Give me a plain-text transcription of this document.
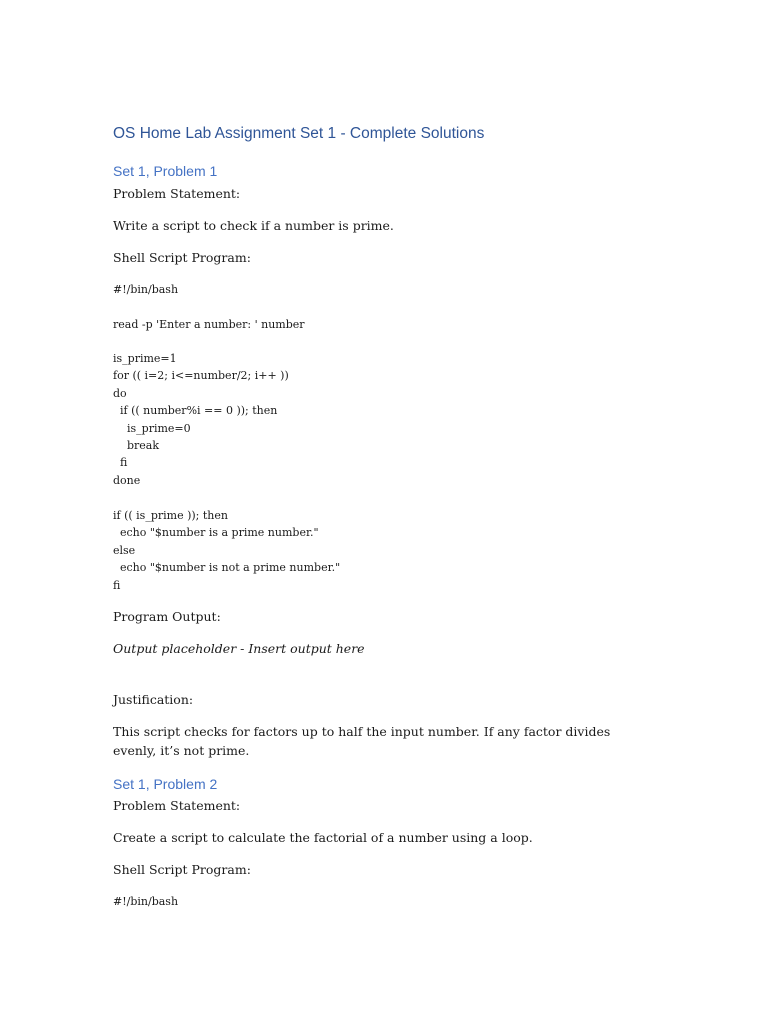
OS Home Lab Assignment Set 1 - Complete Solutions
Set 1, Problem 1

Problem Statement:

Write a script to check if a number is prime.

Shell Script Program:

#!/bin/bash
read -p 'Enter a number: ' number
is_prime=1
for (( i=2; i<=number/2; i++ ))
do
if (( number%i == 0 )); then
is_prime=0
break
fi
done
if (( is_prime )); then
echo "$number is a prime number."
else
echo "$number is not a prime number."
fi

Program Output:

Output placeholder - Insert output here

Justification:

This script checks for factors up to half the input number. If any factor divides evenly, it’s not prime.

Set 1, Problem 2

Problem Statement:

Create a script to calculate the factorial of a number using a loop.

Shell Script Program:

#!/bin/bash
